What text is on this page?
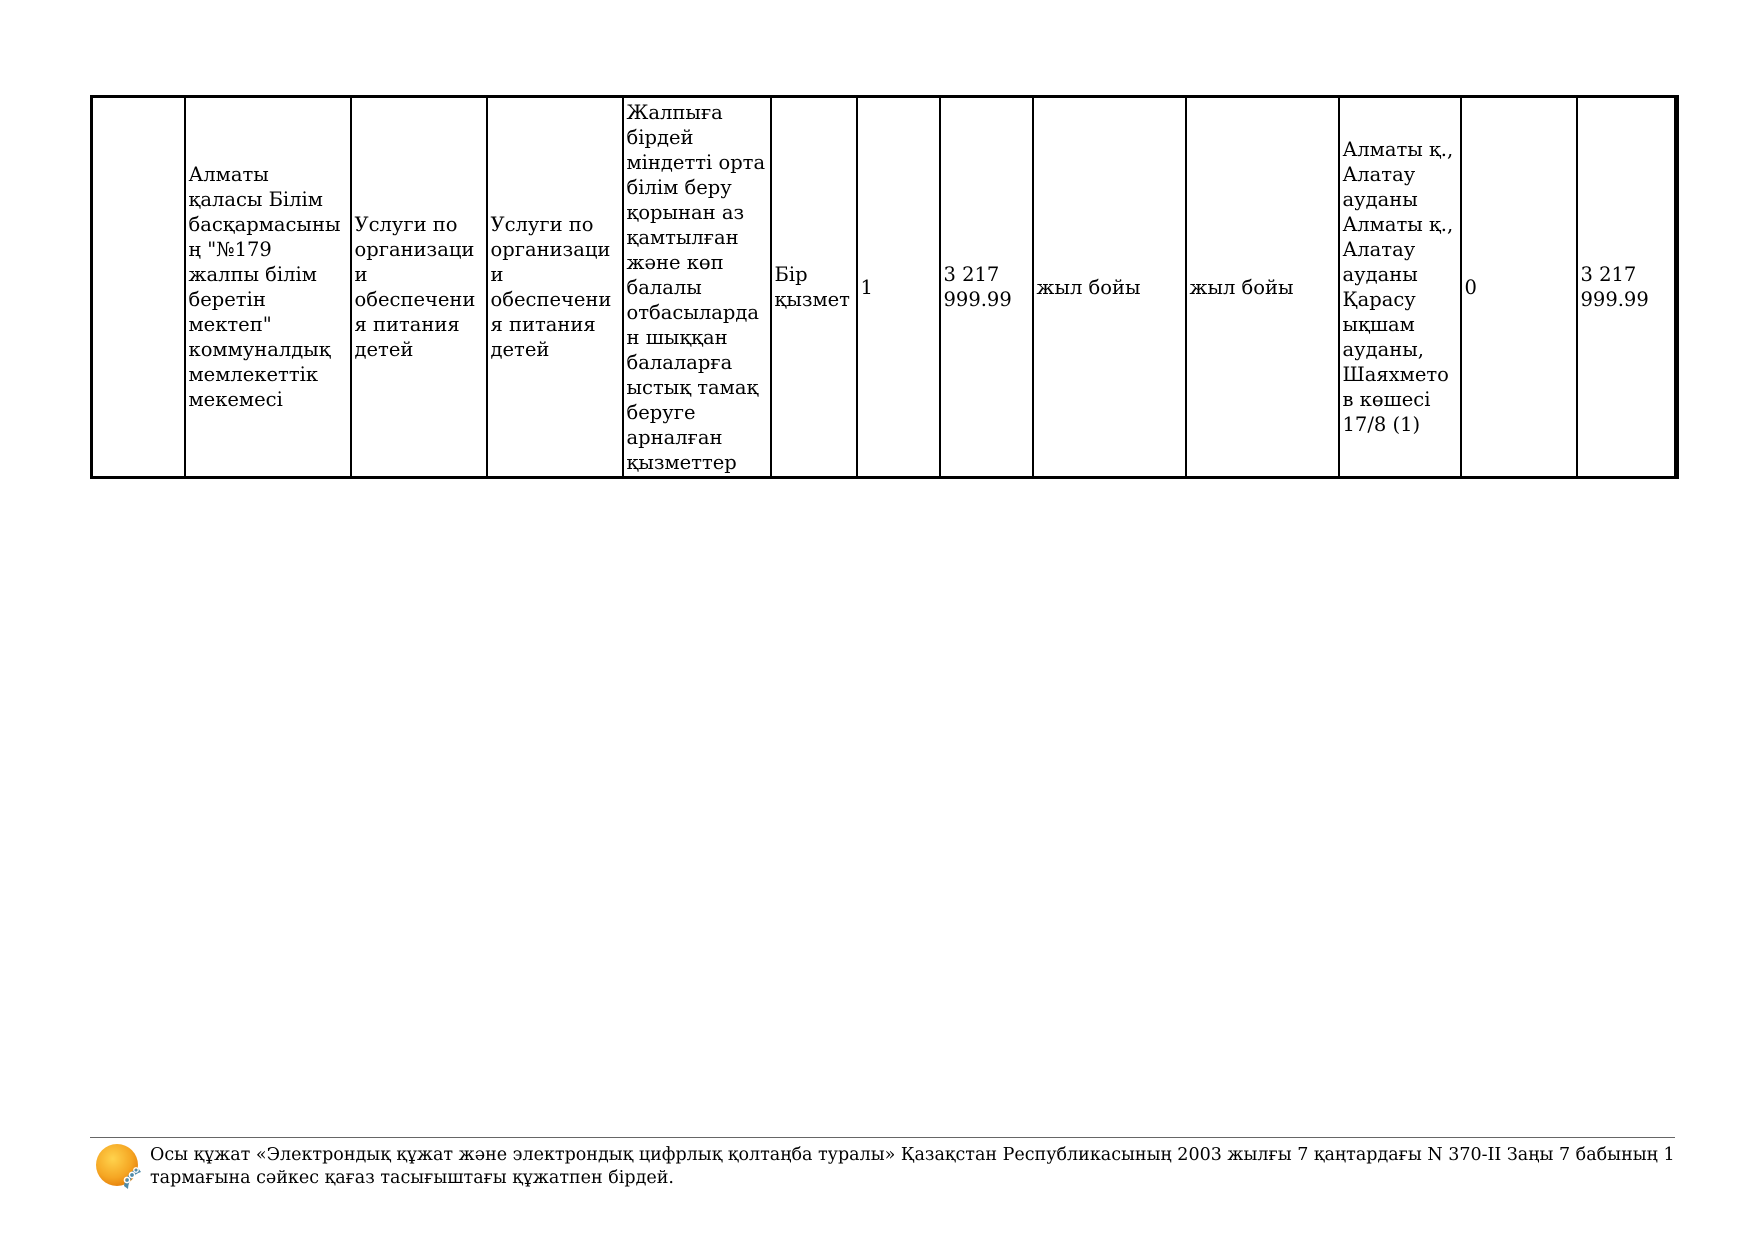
	Алматы қаласы Білім басқармасының "№179 жалпы білім беретін мектеп" коммуналдық мемлекеттік мекемесі	Услуги по организации обеспечения питания детей	Услуги по организации обеспечения питания детей	Жалпыға бірдей міндетті орта білім беру қорынан аз қамтылған және көп балалы отбасылардан шыққан балаларға ыстық тамақ беруге арналған қызметтер	Бір қызмет	1	3 217 999.99	жыл бойы	жыл бойы	Алматы қ., Алатау ауданы Алматы қ., Алатау ауданы Қарасу ықшам ауданы, Шаяхметов көшесі 17/8 (1)	0	3 217 999.99
Осы құжат «Электрондық құжат және электрондық цифрлық қолтаңба туралы» Қазақстан Республикасының 2003 жылғы 7 қаңтардағы N 370-II Заңы 7 бабының 1 тармағына сәйкес қағаз тасығыштағы құжатпен бірдей.
